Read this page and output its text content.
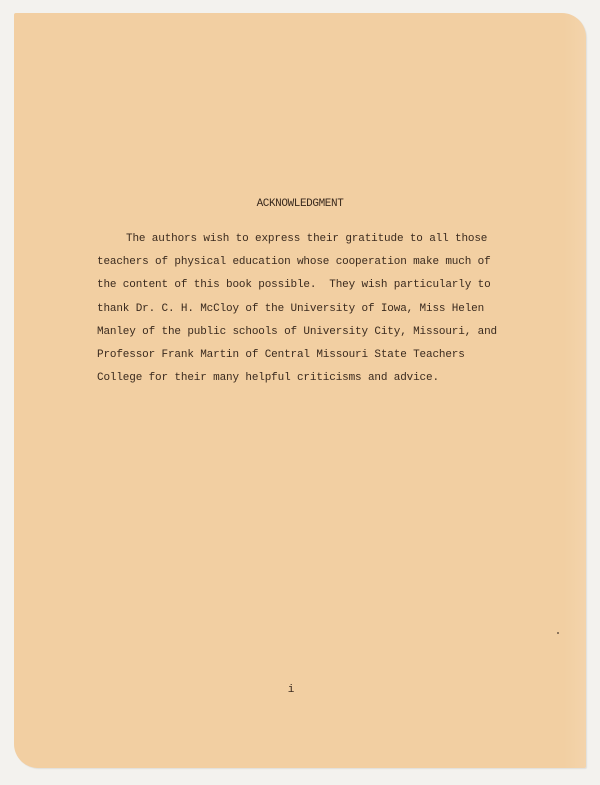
ACKNOWLEDGMENT
The authors wish to express their gratitude to all those
teachers of physical education whose cooperation make much of
the content of this book possible.  They wish particularly to
thank Dr. C. H. McCloy of the University of Iowa, Miss Helen
Manley of the public schools of University City, Missouri, and
Professor Frank Martin of Central Missouri State Teachers
College for their many helpful criticisms and advice.
i
